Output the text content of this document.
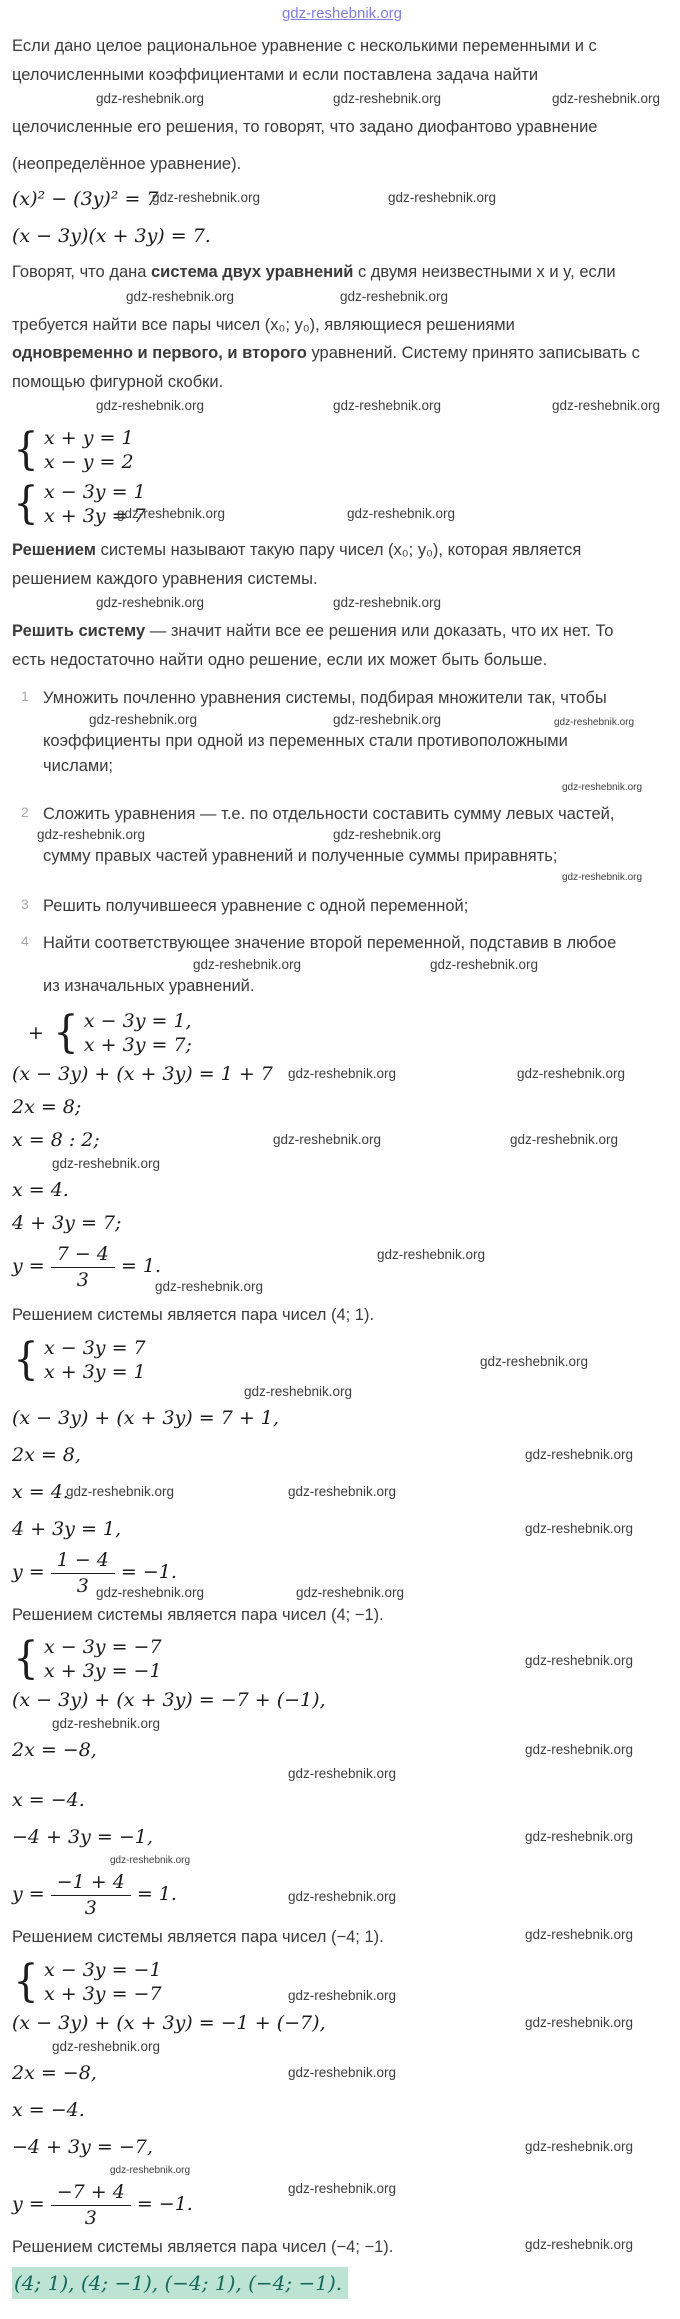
gdz-reshebnik.org
Если дано целое рациональное уравнение с несколькими переменными и с
целочисленными коэффициентами и если поставлена задача найти
gdz-reshebnik.org	gdz-reshebnik.org	gdz-reshebnik.org
целочисленные его решения, то говорят, что задано диофантово уравнение
(неопределённое уравнение).
(x)² − (3y)² = 7
gdz-reshebnik.org	gdz-reshebnik.org
(x − 3y)(x + 3y) = 7.
Говорят, что дана система двух уравнений с двумя неизвестными x и y, если
gdz-reshebnik.org	gdz-reshebnik.org
требуется найти все пары чисел (x₀; y₀), являющиеся решениями
одновременно и первого, и второго уравнений. Систему принято записывать с
помощью фигурной скобки.
gdz-reshebnik.org	gdz-reshebnik.org	gdz-reshebnik.org
{ x + y = 1
x − y = 2
{ x − 3y = 1
x + 3y = 7
gdz-reshebnik.org	gdz-reshebnik.org
Решением системы называют такую пару чисел (x₀; y₀), которая является
решением каждого уравнения системы.
gdz-reshebnik.org	gdz-reshebnik.org
Решить систему — значит найти все ее решения или доказать, что их нет. То
есть недостаточно найти одно решение, если их может быть больше.
1 Умножить почленно уравнения системы, подбирая множители так, чтобы
gdz-reshebnik.org	gdz-reshebnik.org	gdz-reshebnik.org
коэффициенты при одной из переменных стали противоположными
числами;
gdz-reshebnik.org
2 Сложить уравнения — т.е. по отдельности составить сумму левых частей,
gdz-reshebnik.org	gdz-reshebnik.org
сумму правых частей уравнений и полученные суммы приравнять;
gdz-reshebnik.org
3 Решить получившееся уравнение с одной переменной;
4 Найти соответствующее значение второй переменной, подставив в любое
gdz-reshebnik.org	gdz-reshebnik.org
из изначальных уравнений.
+ { x − 3y = 1,
x + 3y = 7;
(x − 3y) + (x + 3y) = 1 + 7 gdz-reshebnik.org	gdz-reshebnik.org
2x = 8;
x = 8 : 2;	gdz-reshebnik.org	gdz-reshebnik.org
gdz-reshebnik.org
x = 4.
4 + 3y = 7;
$y = \frac{7 - 4}{3} = 1$.
gdz-reshebnik.org
gdz-reshebnik.org
Решением системы является пара чисел (4; 1).
{ x − 3y = 7
x + 3y = 1	gdz-reshebnik.org
gdz-reshebnik.org
(x − 3y) + (x + 3y) = 7 + 1,
2x = 8,	gdz-reshebnik.org
x = 4.
gdz-reshebnik.org	gdz-reshebnik.org
4 + 3y = 1,	gdz-reshebnik.org
$y = \frac{1 - 4}{3} = -1$.
gdz-reshebnik.org	gdz-reshebnik.org
Решением системы является пара чисел (4; −1).
{ x − 3y = −7
x + 3y = −1	gdz-reshebnik.org
(x − 3y) + (x + 3y) = −7 + (−1),
gdz-reshebnik.org
2x = −8,	gdz-reshebnik.org
gdz-reshebnik.org
x = −4.
−4 + 3y = −1,	gdz-reshebnik.org
gdz-reshebnik.org
$y = \frac{-1 + 4}{3} = 1$.	gdz-reshebnik.org
Решением системы является пара чисел (−4; 1).	gdz-reshebnik.org
{ x − 3y = −1
x + 3y = −7	gdz-reshebnik.org
(x − 3y) + (x + 3y) = −1 + (−7),	gdz-reshebnik.org
gdz-reshebnik.org
2x = −8,	gdz-reshebnik.org
x = −4.
−4 + 3y = −7,	gdz-reshebnik.org
gdz-reshebnik.org
$y = \frac{-7 + 4}{3} = -1$.
gdz-reshebnik.org
Решением системы является пара чисел (−4; −1).	gdz-reshebnik.org
(4; 1), (4; −1), (−4; 1), (−4; −1).
